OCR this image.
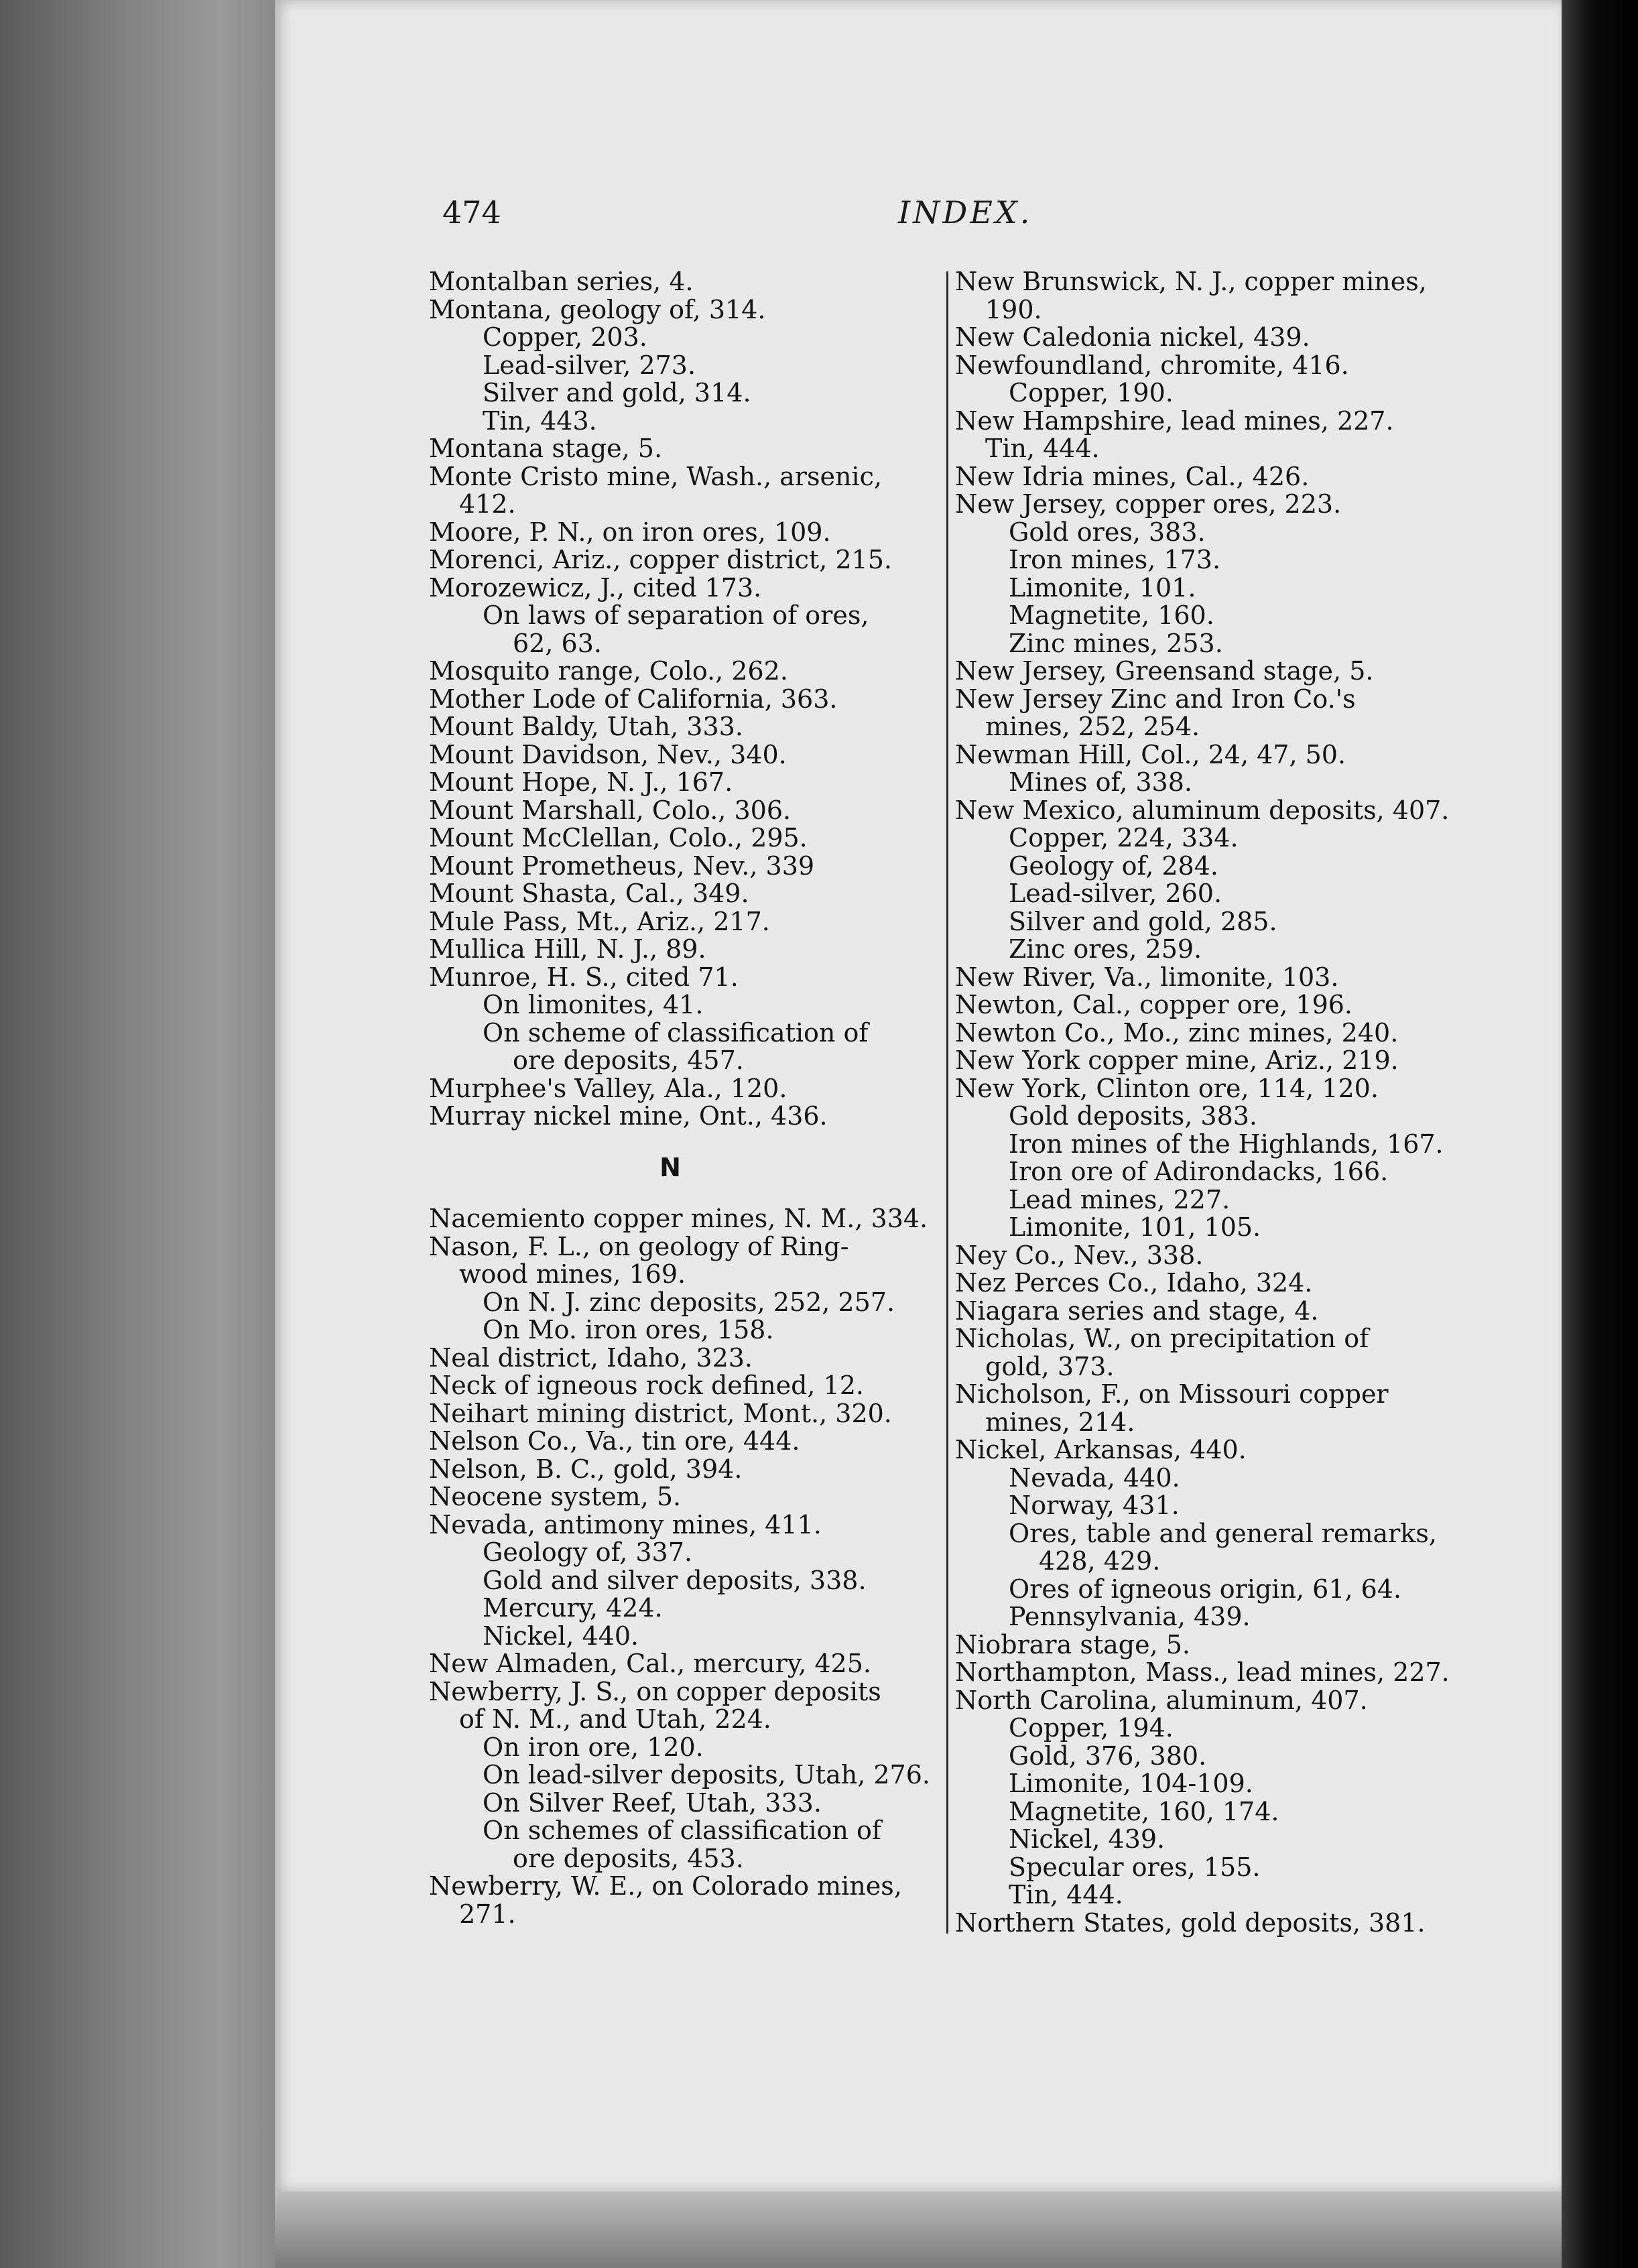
474	INDEX.
Montalban series, 4.
Montana, geology of, 314.
Copper, 203.
Lead-silver, 273.
Silver and gold, 314.
Tin, 443.
Montana stage, 5.
Monte Cristo mine, Wash., arsenic,
412.
Moore, P. N., on iron ores, 109.
Morenci, Ariz., copper district, 215.
Morozewicz, J., cited 173.
On laws of separation of ores,
62, 63.
Mosquito range, Colo., 262.
Mother Lode of California, 363.
Mount Baldy, Utah, 333.
Mount Davidson, Nev., 340.
Mount Hope, N. J., 167.
Mount Marshall, Colo., 306.
Mount McClellan, Colo., 295.
Mount Prometheus, Nev., 339
Mount Shasta, Cal., 349.
Mule Pass, Mt., Ariz., 217.
Mullica Hill, N. J., 89.
Munroe, H. S., cited 71.
On limonites, 41.
On scheme of classification of
ore deposits, 457.
Murphee's Valley, Ala., 120.
Murray nickel mine, Ont., 436.
N
Nacemiento copper mines, N. M., 334.
Nason, F. L., on geology of Ring-
wood mines, 169.
On N. J. zinc deposits, 252, 257.
On Mo. iron ores, 158.
Neal district, Idaho, 323.
Neck of igneous rock defined, 12.
Neihart mining district, Mont., 320.
Nelson Co., Va., tin ore, 444.
Nelson, B. C., gold, 394.
Neocene system, 5.
Nevada, antimony mines, 411.
Geology of, 337.
Gold and silver deposits, 338.
Mercury, 424.
Nickel, 440.
New Almaden, Cal., mercury, 425.
Newberry, J. S., on copper deposits
of N. M., and Utah, 224.
On iron ore, 120.
On lead-silver deposits, Utah, 276.
On Silver Reef, Utah, 333.
On schemes of classification of
ore deposits, 453.
Newberry, W. E., on Colorado mines,
271.
New Brunswick, N. J., copper mines,
190.
New Caledonia nickel, 439.
Newfoundland, chromite, 416.
Copper, 190.
New Hampshire, lead mines, 227.
Tin, 444.
New Idria mines, Cal., 426.
New Jersey, copper ores, 223.
Gold ores, 383.
Iron mines, 173.
Limonite, 101.
Magnetite, 160.
Zinc mines, 253.
New Jersey, Greensand stage, 5.
New Jersey Zinc and Iron Co.'s
mines, 252, 254.
Newman Hill, Col., 24, 47, 50.
Mines of, 338.
New Mexico, aluminum deposits, 407.
Copper, 224, 334.
Geology of, 284.
Lead-silver, 260.
Silver and gold, 285.
Zinc ores, 259.
New River, Va., limonite, 103.
Newton, Cal., copper ore, 196.
Newton Co., Mo., zinc mines, 240.
New York copper mine, Ariz., 219.
New York, Clinton ore, 114, 120.
Gold deposits, 383.
Iron mines of the Highlands, 167.
Iron ore of Adirondacks, 166.
Lead mines, 227.
Limonite, 101, 105.
Ney Co., Nev., 338.
Nez Perces Co., Idaho, 324.
Niagara series and stage, 4.
Nicholas, W., on precipitation of
gold, 373.
Nicholson, F., on Missouri copper
mines, 214.
Nickel, Arkansas, 440.
Nevada, 440.
Norway, 431.
Ores, table and general remarks,
428, 429.
Ores of igneous origin, 61, 64.
Pennsylvania, 439.
Niobrara stage, 5.
Northampton, Mass., lead mines, 227.
North Carolina, aluminum, 407.
Copper, 194.
Gold, 376, 380.
Limonite, 104-109.
Magnetite, 160, 174.
Nickel, 439.
Specular ores, 155.
Tin, 444.
Northern States, gold deposits, 381.
